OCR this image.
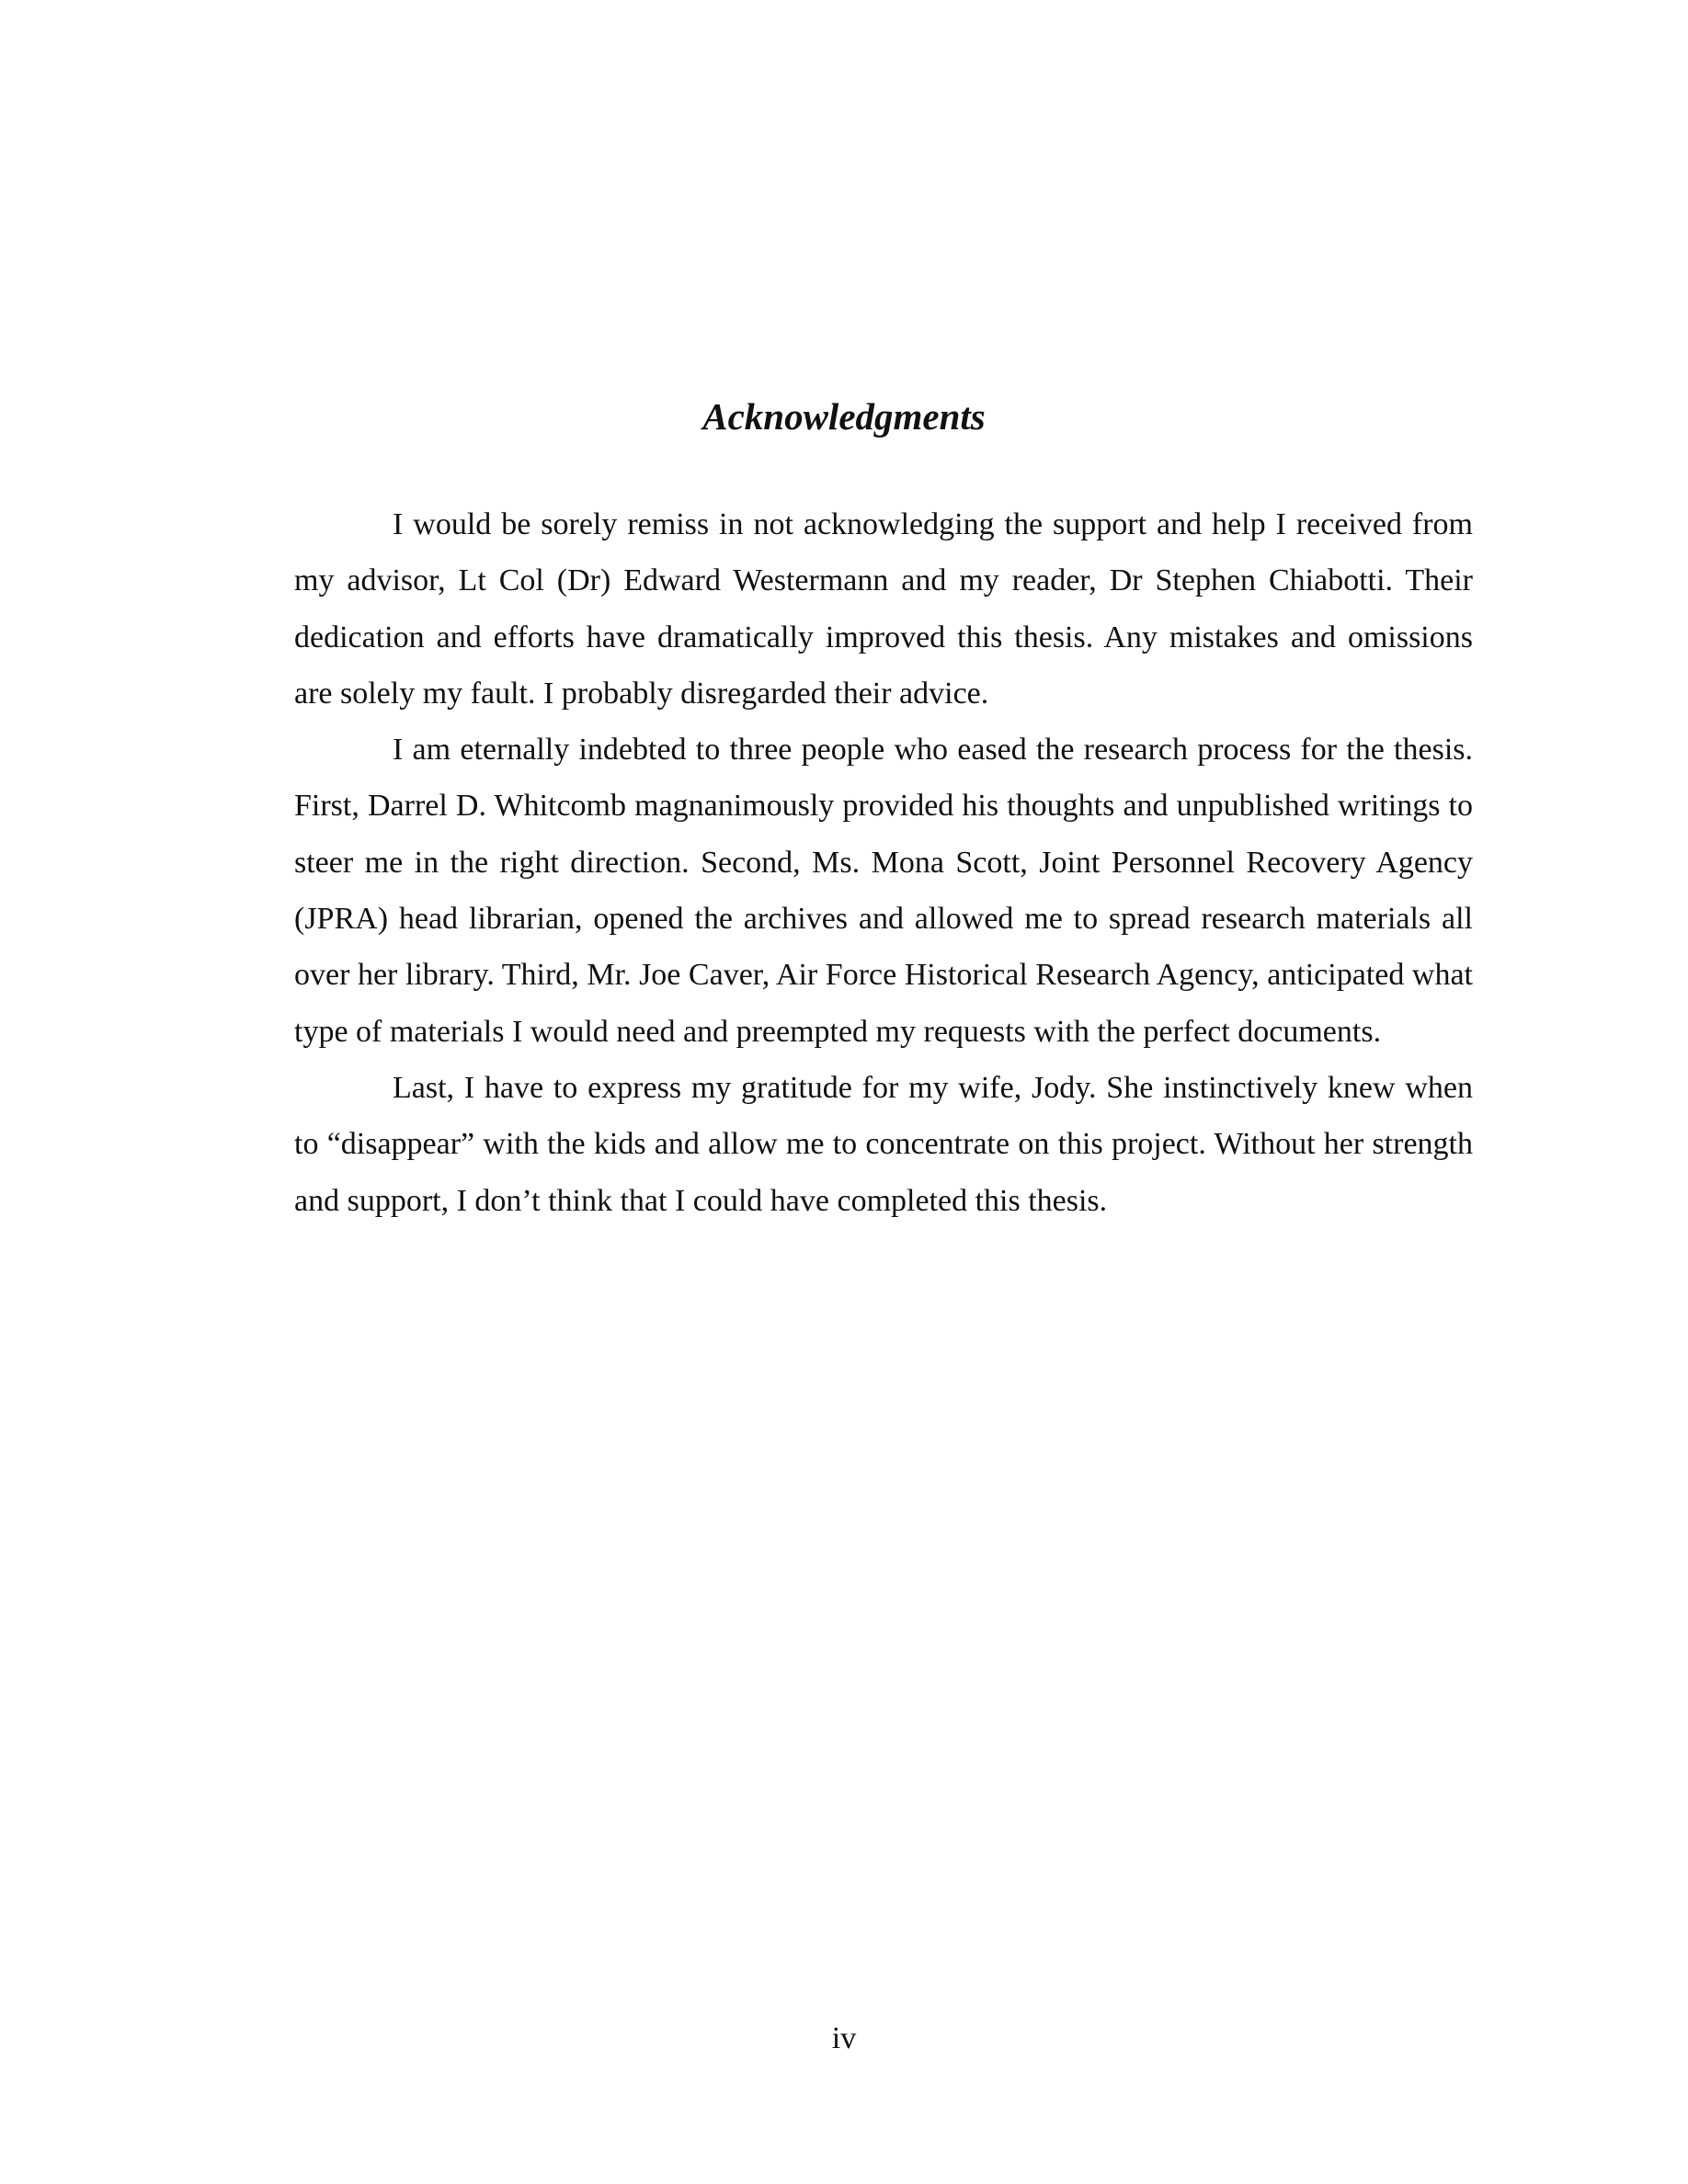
Acknowledgments

I would be sorely remiss in not acknowledging the support and help I received from my advisor, Lt Col (Dr) Edward Westermann and my reader, Dr Stephen Chiabotti. Their dedication and efforts have dramatically improved this thesis. Any mistakes and omissions are solely my fault. I probably disregarded their advice.

I am eternally indebted to three people who eased the research process for the thesis. First, Darrel D. Whitcomb magnanimously provided his thoughts and unpublished writings to steer me in the right direction. Second, Ms. Mona Scott, Joint Personnel Recovery Agency (JPRA) head librarian, opened the archives and allowed me to spread research materials all over her library. Third, Mr. Joe Caver, Air Force Historical Research Agency, anticipated what type of materials I would need and preempted my requests with the perfect documents.

Last, I have to express my gratitude for my wife, Jody. She instinctively knew when to “disappear” with the kids and allow me to concentrate on this project. Without her strength and support, I don’t think that I could have completed this thesis.

iv
